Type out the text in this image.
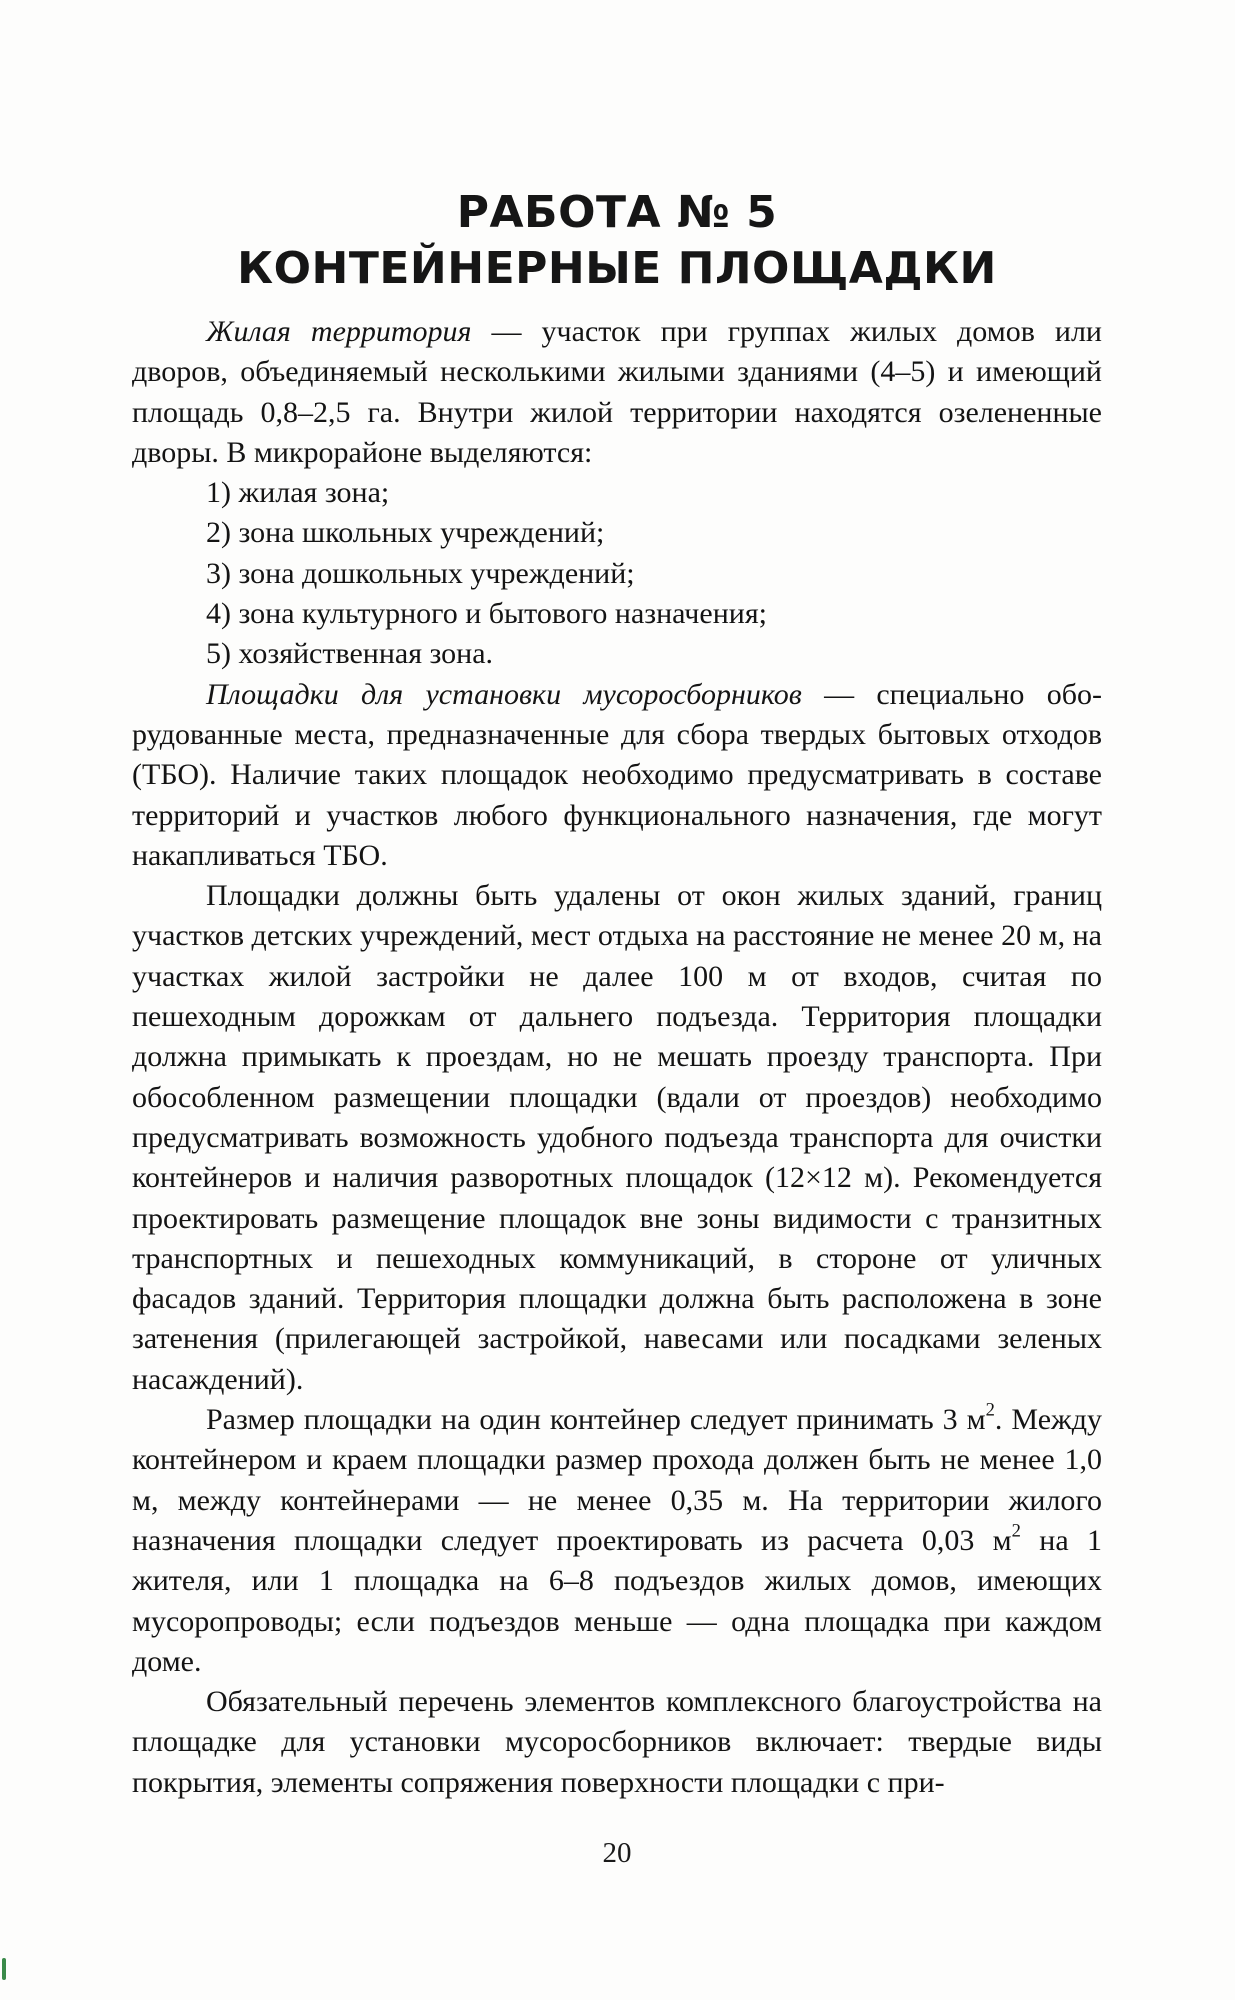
РАБОТА № 5
КОНТЕЙНЕРНЫЕ ПЛОЩАДКИ

Жилая территория — участок при группах жилых домов или дворов, объединяемый несколькими жилыми зданиями (4–5) и имеющий площадь 0,8–2,5 га. Внутри жилой территории находятся озелененные дворы. В микрорайоне выделяются:

1) жилая зона;
2) зона школьных учреждений;
3) зона дошкольных учреждений;
4) зона культурного и бытового назначения;
5) хозяйственная зона.

Площадки для установки мусоросборников — специально оборудованные места, предназначенные для сбора твердых бытовых отходов (ТБО). Наличие таких площадок необходимо предусматривать в составе территорий и участков любого функционального назначения, где могут накапливаться ТБО.

Площадки должны быть удалены от окон жилых зданий, границ участков детских учреждений, мест отдыха на расстояние не менее 20 м, на участках жилой застройки не далее 100 м от входов, считая по пешеходным дорожкам от дальнего подъезда. Территория площадки должна примыкать к проездам, но не мешать проезду транспорта. При обособленном размещении площадки (вдали от проездов) необходимо предусматривать возможность удобного подъезда транспорта для очистки контейнеров и наличия разворотных площадок (12×12 м). Рекомендуется проектировать размещение площадок вне зоны видимости с транзитных транспортных и пешеходных коммуникаций, в стороне от уличных фасадов зданий. Территория площадки должна быть расположена в зоне затенения (прилегающей застройкой, навесами или посадками зеленых насаждений).

Размер площадки на один контейнер следует принимать 3 $м^2$. Между контейнером и краем площадки размер прохода должен быть не менее 1,0 м, между контейнерами — не менее 0,35 м. На территории жилого назначения площадки следует проектировать из расчета 0,03 $м^2$ на 1 жителя, или 1 площадка на 6–8 подъездов жилых домов, имеющих мусоропроводы; если подъездов меньше — одна площадка при каждом доме.

Обязательный перечень элементов комплексного благоустройства на площадке для установки мусоросборников включает: твердые виды покрытия, элементы сопряжения поверхности площадки с при-

20
